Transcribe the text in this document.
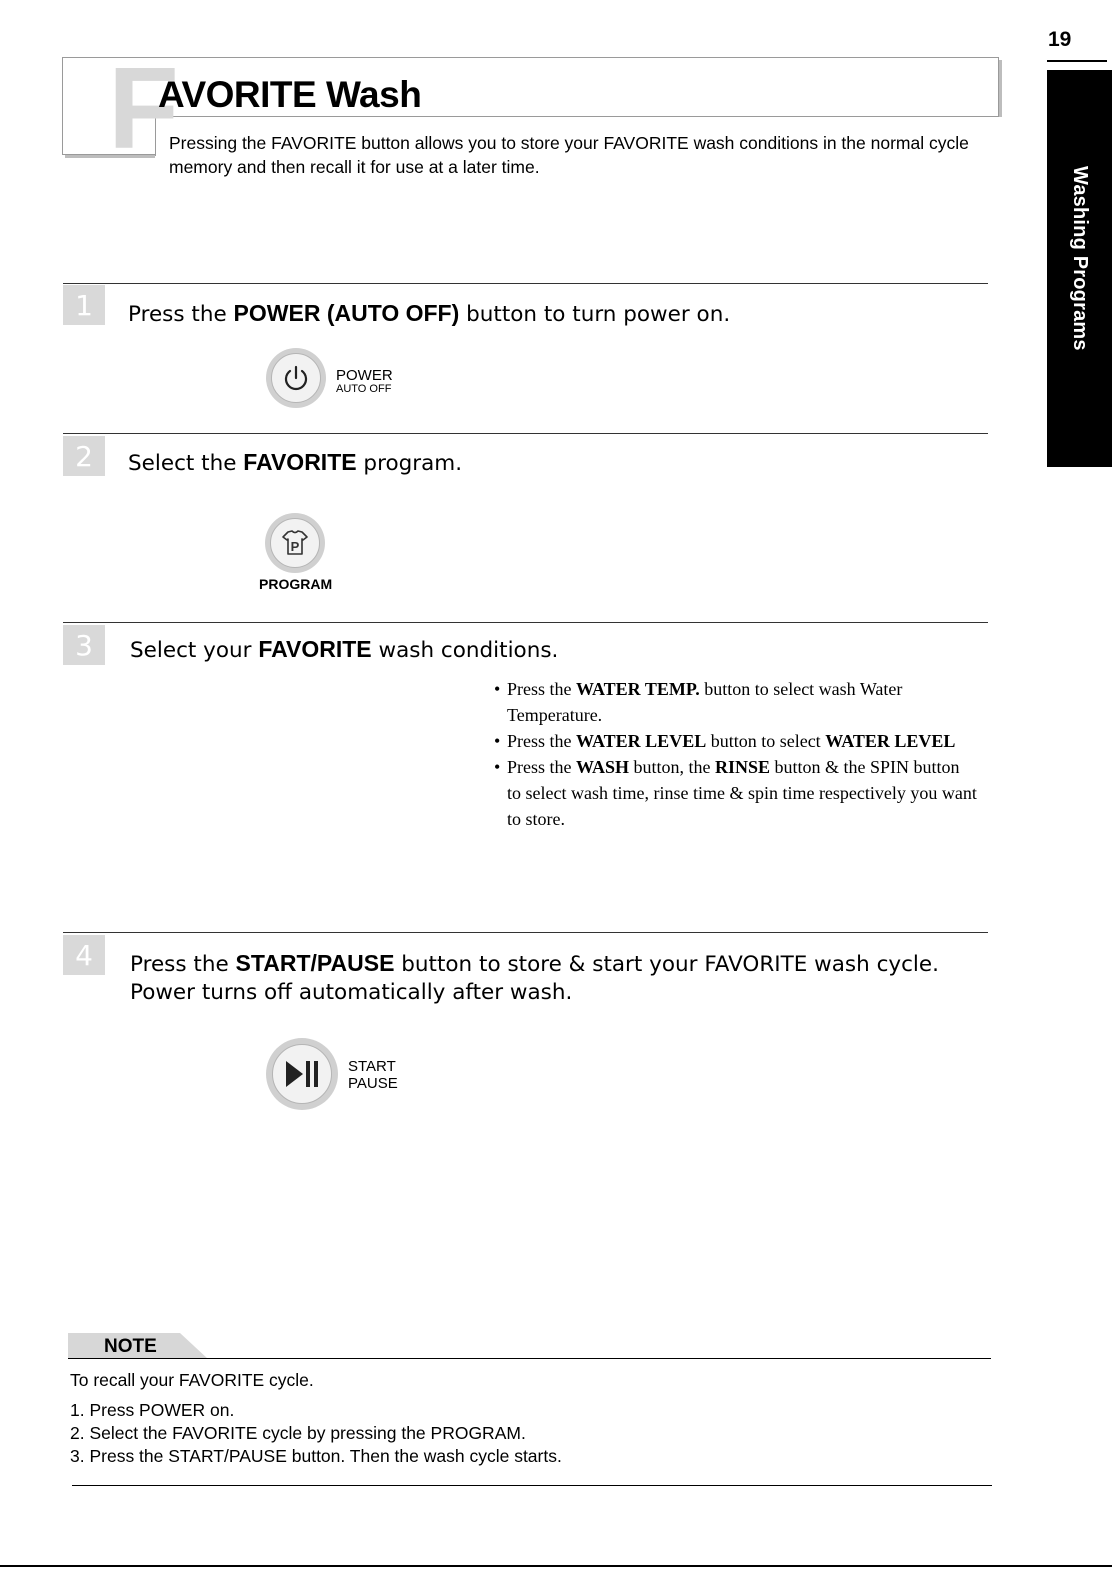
19
Washing Programs
F
AVORITE Wash
Pressing the FAVORITE button allows you to store your FAVORITE wash conditions in the normal cycle memory and then recall it for use at a later time.
1	Press the POWER (AUTO OFF) button to turn power on.
POWER
AUTO OFF
2	Select the FAVORITE program.
P
PROGRAM
3	Select your FAVORITE wash conditions.
• Press the WATER TEMP. button to select wash Water Temperature.
• Press the WATER LEVEL button to select WATER LEVEL
• Press the WASH button, the RINSE button & the SPIN button to select wash time, rinse time & spin time respectively you want to store.
4	Press the START/PAUSE button to store & start your FAVORITE wash cycle.
Power turns off automatically after wash.
START
PAUSE
NOTE
To recall your FAVORITE cycle.
1. Press POWER on.
2. Select the FAVORITE cycle by pressing the PROGRAM.
3. Press the START/PAUSE button. Then the wash cycle starts.
